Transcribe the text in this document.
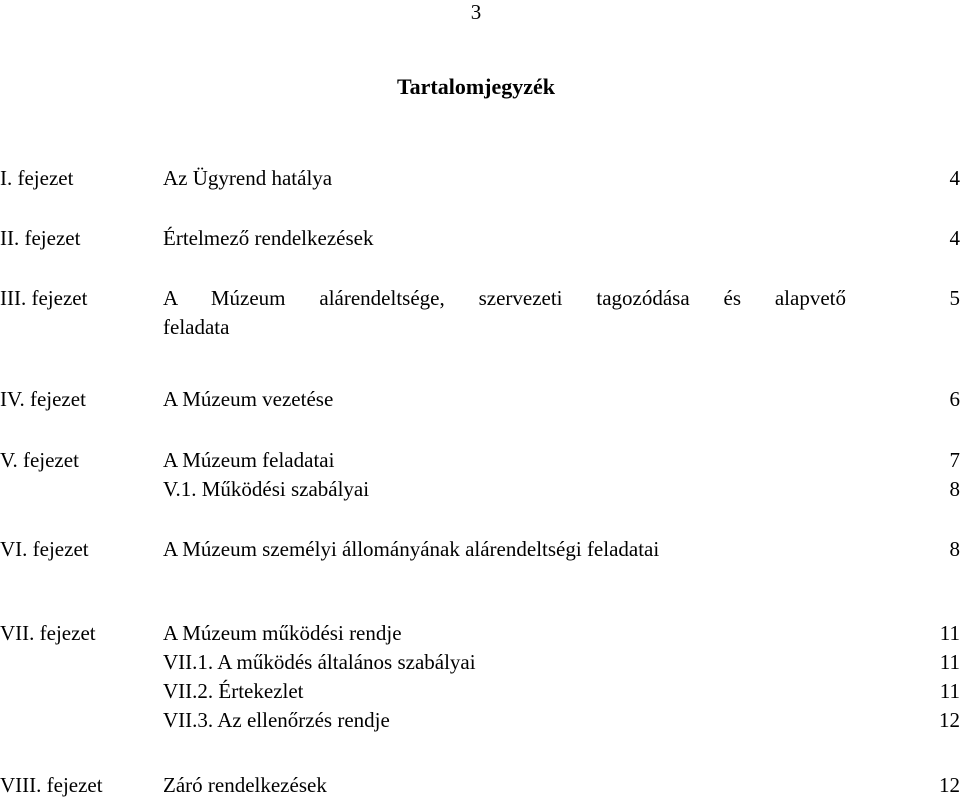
3
Tartalomjegyzék
I. fejezet	Az Ügyrend hatálya	4
II. fejezet	Értelmező rendelkezések	4
III. fejezet	A Múzeum alárendeltsége, szervezeti tagozódása és alapvető	5
feladata
IV. fejezet	A Múzeum vezetése	6
V. fejezet	A Múzeum feladatai	7
V.1. Működési szabályai	8
VI. fejezet	A Múzeum személyi állományának alárendeltségi feladatai	8
VII. fejezet	A Múzeum működési rendje	11
VII.1. A működés általános szabályai	11
VII.2. Értekezlet	11
VII.3. Az ellenőrzés rendje	12
VIII. fejezet	Záró rendelkezések	12
